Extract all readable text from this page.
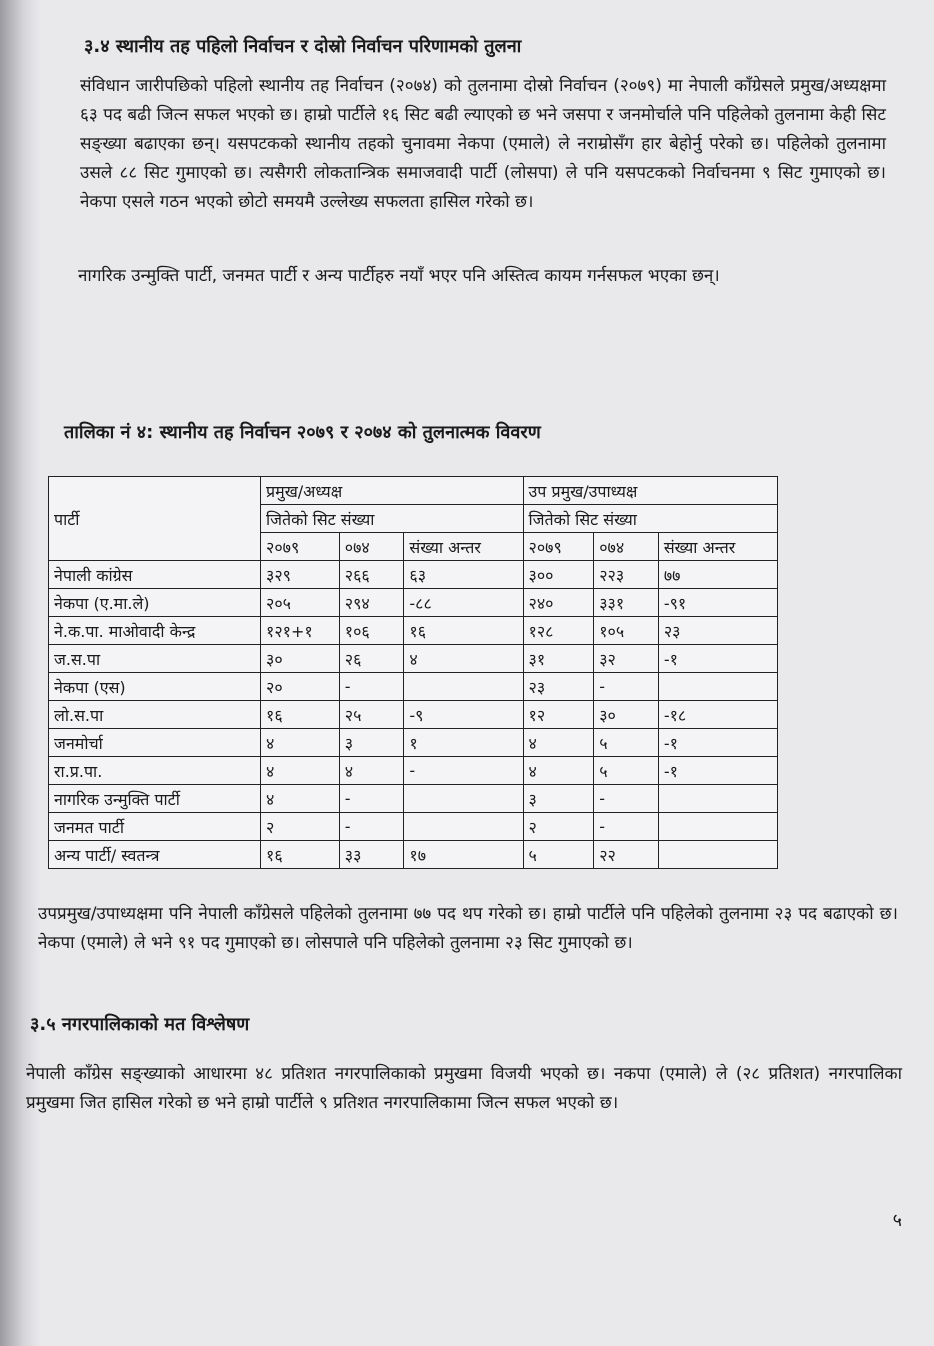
३.४ स्थानीय तह पहिलो निर्वाचन र दोस्रो निर्वाचन परिणामको तुलना
संविधान जारीपछिको पहिलो स्थानीय तह निर्वाचन (२०७४) को तुलनामा दोस्रो निर्वाचन (२०७९) मा नेपाली काँग्रेसले प्रमुख/अध्यक्षमा ६३ पद बढी जित्न सफल भएको छ। हाम्रो पार्टीले १६ सिट बढी ल्याएको छ भने जसपा र जनमोर्चाले पनि पहिलेको तुलनामा केही सिट सङ्ख्या बढाएका छन्। यसपटकको स्थानीय तहको चुनावमा नेकपा (एमाले) ले नराम्रोसँग हार बेहोर्नु परेको छ। पहिलेको तुलनामा उसले ८८ सिट गुमाएको छ। त्यसैगरी लोकतान्त्रिक समाजवादी पार्टी (लोसपा) ले पनि यसपटकको निर्वाचनमा ९ सिट गुमाएको छ। नेकपा एसले गठन भएको छोटो समयमै उल्लेख्य सफलता हासिल गरेको छ।
नागरिक उन्मुक्ति पार्टी, जनमत पार्टी र अन्य पार्टीहरु नयाँ भएर पनि अस्तित्व कायम गर्नसफल भएका छन्।
तालिका नं ४: स्थानीय तह निर्वाचन २०७९ र २०७४ को तुलनात्मक विवरण
पार्टी	प्रमुख/अध्यक्ष			उप प्रमुख/उपाध्यक्ष		
	जितेको सिट संख्या			जितेको सिट संख्या		
	२०७९	०७४	संख्या अन्तर	२०७९	०७४	संख्या अन्तर
नेपाली कांग्रेस	३२९	२६६	६३	३००	२२३	७७
नेकपा (ए.मा.ले)	२०५	२९४	-८८	२४०	३३१	-९१
ने.क.पा. माओवादी केन्द्र	१२१+१	१०६	१६	१२८	१०५	२३
ज.स.पा	३०	२६	४	३१	३२	-१
नेकपा (एस)	२०	-		२३	-	
लो.स.पा	१६	२५	-९	१२	३०	-१८
जनमोर्चा	४	३	१	४	५	-१
रा.प्र.पा.	४	४	-	४	५	-१
नागरिक उन्मुक्ति पार्टी	४	-		३	-	
जनमत पार्टी	२	-		२	-	
अन्य पार्टी/ स्वतन्त्र	१६	३३	१७	५	२२	
उपप्रमुख/उपाध्यक्षमा पनि नेपाली काँग्रेसले पहिलेको तुलनामा ७७ पद थप गरेको छ। हाम्रो पार्टीले पनि पहिलेको तुलनामा २३ पद बढाएको छ। नेकपा (एमाले) ले भने ९१ पद गुमाएको छ। लोसपाले पनि पहिलेको तुलनामा २३ सिट गुमाएको छ।
३.५ नगरपालिकाको मत विश्लेषण
नेपाली काँग्रेस सङ्ख्याको आधारमा ४८ प्रतिशत नगरपालिकाको प्रमुखमा विजयी भएको छ। नकपा (एमाले) ले (२८ प्रतिशत) नगरपालिका प्रमुखमा जित हासिल गरेको छ भने हाम्रो पार्टीले ९ प्रतिशत नगरपालिकामा जित्न सफल भएको छ।
५
